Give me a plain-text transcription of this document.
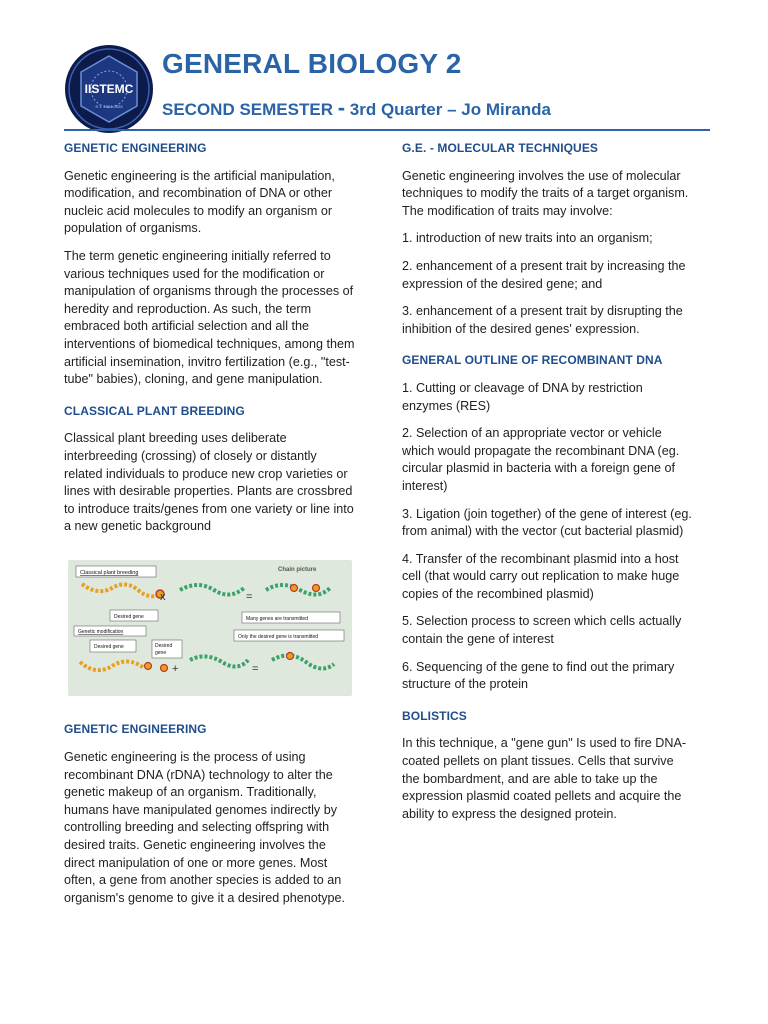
IISTEMC
S.Y. 2024-2025
GENERAL BIOLOGY 2
SECOND SEMESTER - 3rd Quarter – Jo Miranda
GENETIC ENGINEERING

Genetic engineering is the artificial manipulation, modification, and recombination of DNA or other nucleic acid molecules to modify an organism or population of organisms.

The term genetic engineering initially referred to various techniques used for the modification or manipulation of organisms through the processes of heredity and reproduction. As such, the term embraced both artificial selection and all the interventions of biomedical techniques, among them artificial insemination, invitro fertilization (e.g., "test-tube" babies), cloning, and gene manipulation.

CLASSICAL PLANT BREEDING

Classical plant breeding uses deliberate interbreeding (crossing) of closely or distantly related individuals to produce new crop varieties or lines with desirable properties. Plants are crossbred to introduce traits/genes from one variety or line into a new genetic background

Chain picture
Classical plant breeding
x	=
Desired gene	Many genes are transmitted
Genetic modification
Only the desired gene is transmitted
Desired gene	Desired
gene
+	=
GENETIC ENGINEERING

Genetic engineering is the process of using recombinant DNA (rDNA) technology to alter the genetic makeup of an organism. Traditionally, humans have manipulated genomes indirectly by controlling breeding and selecting offspring with desired traits. Genetic engineering involves the direct manipulation of one or more genes. Most often, a gene from another species is added to an organism's genome to give it a desired phenotype.

G.E. - MOLECULAR TECHNIQUES

Genetic engineering involves the use of molecular techniques to modify the traits of a target organism. The modification of traits may involve:

1. introduction of new traits into an organism;

2. enhancement of a present trait by increasing the expression of the desired gene; and

3. enhancement of a present trait by disrupting the inhibition of the desired genes' expression.

GENERAL OUTLINE OF RECOMBINANT DNA

1. Cutting or cleavage of DNA by restriction enzymes (RES)

2. Selection of an appropriate vector or vehicle which would propagate the recombinant DNA (eg. circular plasmid in bacteria with a foreign gene of interest)

3. Ligation (join together) of the gene of interest (eg. from animal) with the vector (cut bacterial plasmid)

4. Transfer of the recombinant plasmid into a host cell (that would carry out replication to make huge copies of the recombined plasmid)

5. Selection process to screen which cells actually contain the gene of interest

6. Sequencing of the gene to find out the primary structure of the protein

BOLISTICS

In this technique, a "gene gun" Is used to fire DNA-coated pellets on plant tissues. Cells that survive the bombardment, and are able to take up the expression plasmid coated pellets and acquire the ability to express the designed protein.
